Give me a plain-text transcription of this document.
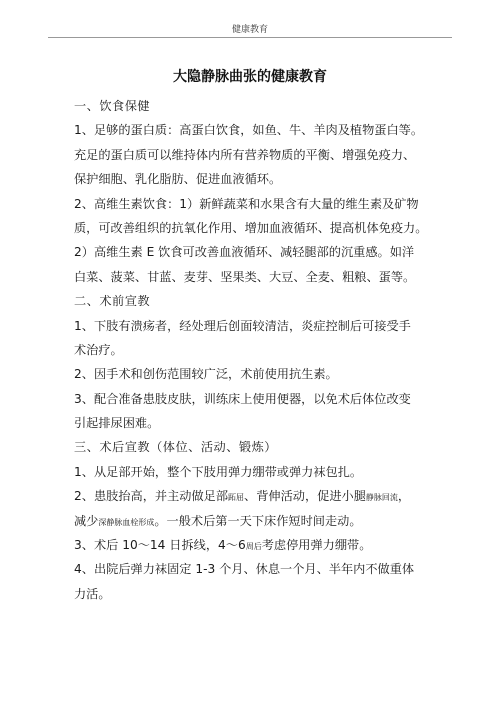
健康教育
大隐静脉曲张的健康教育
一、饮食保健
1、足够的蛋白质：高蛋白饮食，如鱼、牛、羊肉及植物蛋白等。
充足的蛋白质可以维持体内所有营养物质的平衡、增强免疫力、
保护细胞、乳化脂肪、促进血液循环。
2、高维生素饮食：1）新鲜蔬菜和水果含有大量的维生素及矿物
质，可改善组织的抗氧化作用、增加血液循环、提高机体免疫力。
2）高维生素 E 饮食可改善血液循环、减轻腿部的沉重感。如洋
白菜、菠菜、甘蓝、麦芽、坚果类、大豆、全麦、粗粮、蛋等。
二、术前宣教
1、下肢有溃疡者，经处理后创面较清洁，炎症控制后可接受手
术治疗。
2、因手术和创伤范围较广泛，术前使用抗生素。
3、配合准备患肢皮肤，训练床上使用便器，以免术后体位改变
引起排尿困难。
三、术后宣教（体位、活动、锻炼）
1、从足部开始，整个下肢用弹力绷带或弹力袜包扎。
2、患肢抬高，并主动做足部跖屈、背伸活动，促进小腿静脉回流，
减少深静脉血栓形成。一般术后第一天下床作短时间走动。
3、术后 10～14 日拆线，4～6周后考虑停用弹力绷带。
4、出院后弹力袜固定 1-3 个月、休息一个月、半年内不做重体
力活。
